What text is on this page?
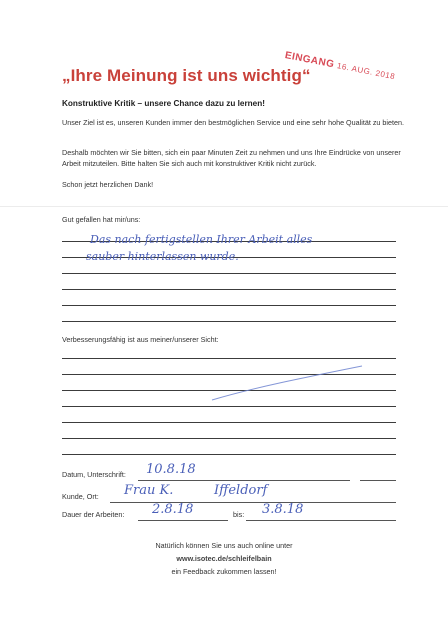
EINGANG16. AUG. 2018
„Ihre Meinung ist uns wichtig“
Konstruktive Kritik – unsere Chance dazu zu lernen!
Unser Ziel ist es, unseren Kunden immer den bestmöglichen Service und eine sehr hohe Qualität zu bieten.
Deshalb möchten wir Sie bitten, sich ein paar Minuten Zeit zu nehmen und uns Ihre Eindrücke von unserer Arbeit mitzuteilen. Bitte halten Sie sich auch mit konstruktiver Kritik nicht zurück.
Schon jetzt herzlichen Dank!
Gut gefallen hat mir/uns:
Das nach fertigstellen Ihrer Arbeit alles
sauber hinterlassen wurde.
Verbesserungsfähig ist aus meiner/unserer Sicht:
Datum, Unterschrift: 10.8.18
Kunde, Ort: Frau K.	Iffeldorf
Dauer der Arbeiten: 2.8.18	bis: 3.8.18
Natürlich können Sie uns auch online unter
www.isotec.de/schleifelbain
ein Feedback zukommen lassen!
